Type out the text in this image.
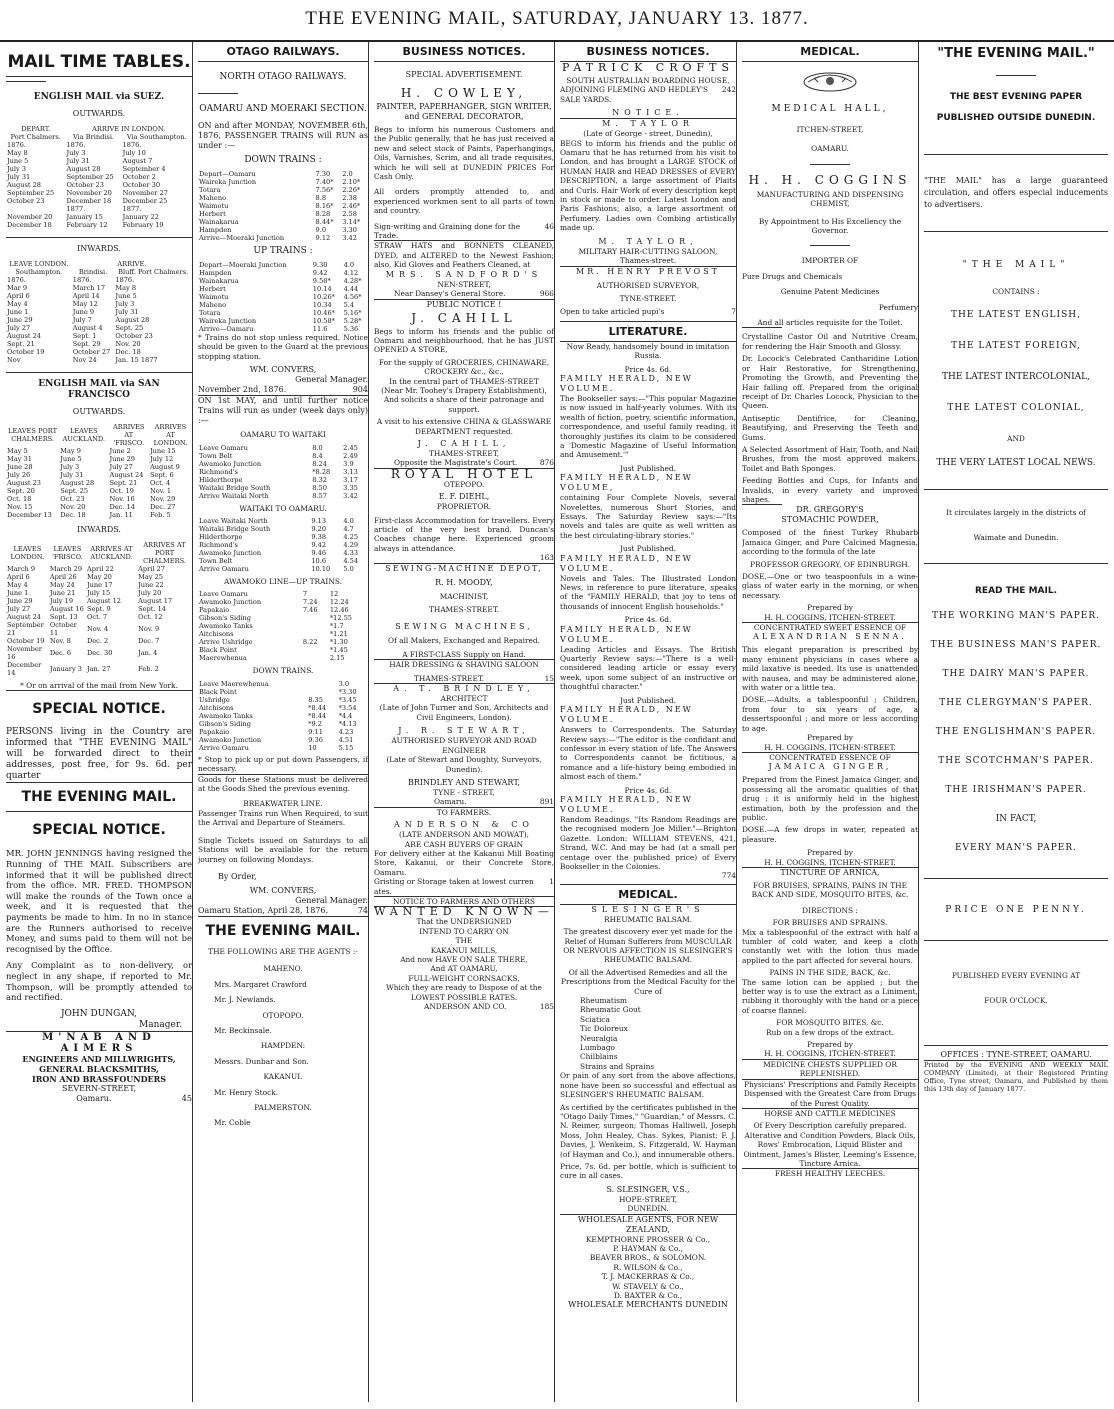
THE EVENING MAIL, SATURDAY, JANUARY 13. 1877.
MAIL TIME TABLES.
ENGLISH MAIL via SUEZ.
OUTWARDS.
DEPART.	ARRIVE IN LONDON.	
Port Chalmers.	Via Brindisi.	Via Southampton.
1876.	1876.	1876.
May 8	July 3	July 10
June 5	July 31	August 7
July 3	August 28	September 4
July 31	September 25	October 2
August 28	October 23	October 30
September 25	November 20	November 27
October 23	December 18	December 25
	1877.	1877.
November 20	January 15	January 22
December 18	February 12	February 19
INWARDS.
LEAVE LONDON.	ARRIVE.	
Southampton.	Brindisi.	Bluff. Port Chalmers.
1876.	1876.	1876.
Mar 9	March 17	May 8
April 6	April 14	June 5
May 4	May 12	July 3
June 1	June 9	July 31
June 29	July 7	August 28
July 27	August 4	Sept. 25
August 24	Sept. 1	October 23
Sept. 21	Sept. 29	Nov. 20
October 19	October 27	Dec. 18
Nov	Nov 24	Jan. 15 1877
ENGLISH MAIL via SAN FRANCISCO
OUTWARDS.
LEAVES PORT CHALMERS.	LEAVES AUCKLAND.	ARRIVES AT 'FRISCO.	ARRIVES AT LONDON.
May 5	May 9	June 2	June 15
May 31	June 5	June 29	July 12
June 28	July 3	July 27	August 9
July 26	July 31	August 24	Sept. 6
August 23	August 28	Sept. 21	Oct. 4
Sept. 20	Sept. 25	Oct. 19	Nov. 1
Oct. 18	Oct. 23	Nov. 16	Nov. 29
Nov. 15	Nov. 20	Dec. 14	Dec. 27
December 13	Dec. 18	Jan. 11	Feb. 5
INWARDS.
LEAVES LONDON.	LEAVES 'FRISCO.	ARRIVES AT AUCKLAND.	ARRIVES AT PORT CHALMERS.
March 9	March 29	April 22	April 27
April 6	April 26	May 20	May 25
May 4	May 24	June 17	June 22
June 1	June 21	July 15	July 20
June 29	July 19	August 12	August 17
July 27	August 16	Sept. 9	Sept. 14
August 24	Sept. 13	Oct. 7	Oct. 12
September 21	October 11	Nov. 4	Nov. 9
October 19	Nov. 8	Dec. 2	Dec. 7
November 16	Dec. 6	Dec. 30	Jan. 4
December 14	January 3	Jan. 27	Feb. 2
* Or on arrival of the mail from New York.
SPECIAL NOTICE.
PERSONS living in the Country are informed that "THE EVENING MAIL" will be forwarded direct to their addresses, post free, for 9s. 6d. per quarter
THE EVENING MAIL.
SPECIAL NOTICE.
MR. JOHN JENNINGS having resigned the Running of THE MAIL Subscribers are informed that it will be published direct from the office. MR. FRED. THOMPSON will make the rounds of the Town once a week, and it is requested that the payments be made to him. In no in stance are the Runners authorised to receive Money, and sums paid to them will not be recognised by the Office.
Any Complaint as to non-delivery, or neglect in any shape, if reported to Mr. Thompson, will be promptly attended to and rectified.
JOHN DUNGAN,
Manager.
M'NAB AND AIMERS
ENGINEERS AND MILLWRIGHTS,
GENERAL BLACKSMITHS,
IRON AND BRASSFOUNDERS
SEVERN-STREET,
Oamaru.	45
OTAGO RAILWAYS.
NORTH OTAGO RAILWAYS.
OAMARU AND MOERAKI SECTION.
ON and after MONDAY, NOVEMBER 6th, 1876, PASSENGER TRAINS will RUN as under :—
DOWN TRAINS :
Depart—Oamaru	7.30	2.0
Waireka Junction	7.40*	2.10*
Totara	7.56*	2.26*
Maheno	8.8	2.38
Waimotu	8.16*	2.46*
Herbert	8.28	2.58
Wainakarua	8.44*	3.14*
Hampden	9.0	3.30
Arrive—Moeraki Junction	9.12	3.42
UP TRAINS :
Depart—Moeraki Junction	9.30	4.0
Hampden	9.42	4.12
Wainakarua	9.58*	4.28*
Herbert	10.14	4.44
Waimotu	10.26*	4.56*
Maheno	10.34	5.4
Totara	10.46*	5.16*
Waireka Junction	10.58*	5.28*
Arrive—Oamaru	11.6	5.36
* Trains do not stop unless required. Notice should be given to the Guard at the previous stopping station.
WM. CONVERS,
General Manager.
November 2nd, 1876.	904
ON 1st MAY, and until further notice Trains will run as under (week days only) :—
OAMARU TO WAITAKI
Leave Oamaru	8.0	2.45
Town Belt	8.4	2.49
Awamoko Junction	8.24	3.9
Richmond's	*8.28	3.13
Hilderthorpe	8.32	3.17
Waitaki Bridge South	8.50	3.35
Arrive Waitaki North	8.57	3.42
WAITAKI TO OAMARU.
Leave Waitaki North	9.13	4.0
Waitaki Bridge South	9.20	4.7
Hilderthorpe	9.38	4.25
Richmond's	9.42	4.29
Awamoko Junction	9.46	4.33
Town Belt	10.6	4.54
Arrive Oamaru	10.10	5.0
AWAMOKO LINE—UP TRAINS.
Leave Oamaru	7	12
Awamoko Junction	7.24	12.24
Papakaio	7.46	12.46
Gibson's Siding		*12.55
Awamoko Tanks		*1.7
Aitchisons		*1.21
Arrive Ushridge	8.22	*1.30
Black Point		*1.45
Maerewhenua		2.15
DOWN TRAINS.
Leave Maerewhenua		3.0
Black Point		*3.30
Ushridge	8.35	*3.45
Aitchisons	*8.44	*3.54
Awamoko Tanks	*8.44	*4.4
Gibson's Siding	*9.2	*4.13
Papakaio	9.11	4.23
Awamoko Junction	9.36	4.51
Arrive Oamaru	10	5.15
* Stop to pick up or put down Passengers, if necessary.
Goods for these Stations must be delivered at the Goods Shed the previous evening.
BREAKWATER LINE.
Passenger Trains run When Required, to suit the Arrival and Departure of Steamers.
Single Tickets issued on Saturdays to all Stations will be available for the return journey on following Mondays.
By Order,
WM. CONVERS,
General Manager.
Oamaru Station, April 28, 1876.	74
THE EVENING MAIL.
THE FOLLOWING ARE THE AGENTS :-
MAHENO.
Mrs. Margaret Crawford
Mr. J. Newlands.
OTOPOPO.
Mr. Beckinsale.
HAMPDEN:
Messrs. Dunbar and Son.
KAKANUI.
Mr. Henry Stock.
PALMERSTON.
Mr. Coble
BUSINESS NOTICES.
SPECIAL ADVERTISEMENT.
H. COWLEY,
PAINTER, PAPERHANGER, SIGN WRITER, and GENERAL DECORATOR,
Begs to inform his numerous Customers and the Public generally, that he has just received a new and select stock of Paints, Paperhangings, Oils, Varnishes, Scrim, and all trade requisites, which he will sell at DUNEDIN PRICES For Cash Only.
All orders promptly attended to, and experienced workmen sent to all parts of town and country.
Sign-writing and Graining done for the Trade.
46
STRAW HATS and BONNETS CLEANED, DYED, and ALTERED to the Newest Fashion; also, Kid Gloves and Feathers Cleaned, at
MRS. SANDFORD'S
NEN-STREET,
Near Dansey's General Store.	966
PUBLIC NOTICE !
J. CAHILL
Begs to inform his friends and the public of Oamaru and neighbourhood, that he has JUST OPENED A STORE,
For the supply of GROCERIES, CHINAWARE, CROCKERY &c., &c.,
In the central part of THAMES-STREET
(Near Mr. Toohey's Drapery Establishment), And solicits a share of their patronage and support.
A visit to his extensive CHINA & GLASSWARE DEPARTMENT requested.
J. CAHILL,
THAMES-STREET,
Opposite the Magistrate's Court.	876
ROYAL HOTEL
OTEPOPO.
E. F. DIEHL,
PROPRIETOR.
First-class Accommodation for travellers. Every article of the very best brand. Duncan's Coaches change here. Experienced groom always in attendance.
163
SEWING-MACHINE DEPOT,
R. H. MOODY,
MACHINIST,
THAMES-STREET.
SEWING MACHINES,
Of all Makers, Exchanged and Repaired.
A FIRST-CLASS Supply on Hand.
HAIR DRESSING & SHAVING SALOON
THAMES-STREET.	15
A. T. BRINDLEY,
ARCHITECT
(Late of John Turner and Son, Architects and Civil Engineers, London).
J. R. STEWART,
AUTHORISED SURVEYOR AND ROAD ENGINEER
(Late of Stewart and Doughty, Surveyors, Dunedin).
BRINDLEY AND STEWART,
TYNE - STREET,
Oamaru.	891
TO FARMERS.
ANDERSON & CO
(LATE ANDERSON AND MOWAT),
ARE CASH BUYERS OF GRAIN
For delivery either at the Kakanui Mill Boating Store, Kakanui, or their Concrete Store, Oamaru.
Gristing or Storage taken at lowest curren ates.
1
NOTICE TO FARMERS AND OTHERS
WANTED KNOWN—
That the UNDERSIGNED
INTEND TO CARRY ON
THE
KAKANUI MILLS,
And now HAVE ON SALE THERE,
And AT OAMARU,
FULL-WEIGHT CORNSACKS,
Which they are ready to Dispose of at the
LOWEST POSSIBLE RATES.
ANDERSON AND CO.	185
BUSINESS NOTICES.
PATRICK CROFTS
SOUTH AUSTRALIAN BOARDING HOUSE,
ADJOINING FLEMING AND HEDLEY'S SALE YARDS.
242
NOTICE.
M. TAYLOR
(Late of George - street, Dunedin),
BEGS to inform his friends and the public of Oamaru that he has returned from his visit to London, and has brought a LARGE STOCK of HUMAN HAIR and HEAD DRESSES of EVERY DESCRIPTION, a large assortment of Plaits and Curls. Hair Work of every description kept in stock or made to order. Latest London and Paris Fashions; also, a large assortment of Perfumery. Ladies own Combing artistically made up.
M. TAYLOR,
MILITARY HAIR-CUTTING SALOON,
Thames-street.
MR. HENRY PREVOST
AUTHORISED SURVEYOR,
TYNE-STREET.
Open to take articled pupi's	7
LITERATURE.
Now Ready, handsomely bound in imitation Russia.
Price 4s. 6d.
FAMILY HERALD, NEW VOLUME.
The Bookseller says:—"This popular Magazine is now issued in half-yearly volumes. With its wealth of fiction, poetry, scientific information, correspondence, and useful family reading, it thoroughly justifies its claim to be considered a 'Domestic Magazine of Useful Information and Amusement.'"
Just Published.
FAMILY HERALD, NEW VOLUME,
containing Four Complete Novels, several Novelettes, numerous Short Stories, and Essays. The Saturday Review says:—"Its novels and tales are quite as well written as the best circulating-library stories."
Just Published.
FAMILY HERALD, NEW VOLUME.
Novels and Tales. The Illustrated London News, in reference to pure literature, speaks of the "FAMILY HERALD, that joy to tens of thousands of innocent English households."
Price 4s. 6d.
FAMILY HERALD, NEW VOLUME.
Leading Articles and Essays. The British Quarterly Review says:—"There is a well-considered leading article or essay every week, upon some subject of an instructive or thoughtful character."
Just Published.
FAMILY HERALD, NEW VOLUME.
Answers to Correspondents. The Saturday Review says:—"The editor is the confidant and confessor in every station of life. The Answers to Correspondents cannot be fictitious, a romance and a life-history being embodied in almost each of them."
Price 4s. 6d.
FAMILY HERALD, NEW VOLUME.
Random Readings. "Its Random Readings are the recognised modern Joe Miller."—Brighton Gazette. London: WILLIAM STEVENS, 421, Strand, W.C. And may be had (at a small per centage over the published price) of Every Bookseller in the Colonies.
774
MEDICAL.
SLESINGER'S
RHEUMATIC BALSAM.
The greatest discovery ever yet made for the Relief of Human Sufferers from MUSCULAR OR NERVOUS AFFECTION IS SLESINGER'S RHEUMATIC BALSAM.
Of all the Advertised Remedies and all the Prescriptions from the Medical Faculty for the Cure of
Rheumatism
Rheumatic Gout
Sciatica
Tic Doloreux
Neuralgia
Lumbago
Chilblains
Strains and Sprains
Or pain of any sort from the above affections, none have been so successful and effectual as SLESINGER'S RHEUMATIC BALSAM.
As certified by the certificates published in the "Otago Daily Times," "Guardian," of Messrs. C. N. Reimer, surgeon; Thomas Halliwell, Joseph Moss, John Healey, Chas. Sykes, Pianist; F. J. Davies, J. Wenkeim, S. Fitzgerald, W. Hayman (of Hayman and Co.), and innumerable others.
Price, 7s. 6d. per bottle, which is sufficient to cure in all cases.
S. SLESINGER, V.S.,
HOPE-STREET,
DUNEDIN.
WHOLESALE AGENTS, FOR NEW ZEALAND,
KEMPTHORNE PROSSER & Co.,
P. HAYMAN & Co.,
BEAVER BROS., & SOLOMON.
R. WILSON & Co.,
T. J. MACKERRAS & Co.,
W. STAVELY & Co.,
D. BAXTER & Co.,
WHOLESALE MERCHANTS DUNEDIN
MEDICAL.
MEDICAL HALL,
ITCHEN-STREET,
OAMARU.
H. H. COGGINS
MANUFACTURING AND DISPENSING CHEMIST,
By Appointment to His Excellency the Governor.
IMPORTER OF
Pure Drugs and Chemicals
Genuine Patent Medicines
Perfumery
And all articles requisite for the Toilet.
Crystalline Castor Oil and Nutritive Cream, for rendering the Hair Smooth and Glossy.
Dr. Locock's Celebrated Cantharidine Lotion or Hair Restorative, for Strengthening, Promoting the Growth, and Preventing the Hair falling off. Prepared from the original receipt of Dr. Charles Locock, Physician to the Queen.
Antiseptic Dentifrice, for Cleaning, Beautifying, and Preserving the Teeth and Gums.
A Selected Assortment of Hair, Tooth, and Nail Brushes, from the most approved makers. Toilet and Bath Sponges.
Feeding Bottles and Cups, for Infants and Invalids, in every variety and improved shapes.
DR. GREGORY'S
STOMACHIC POWDER,
Composed of the finest Turkey Rhubarb Jamaica Ginger, and Pure Calcined Magnesia, according to the formula of the late
PROFESSOR GREGORY, OF EDINBURGH.
DOSE.—One or two teaspoonfuls in a wine-glass of water early in the morning, or when necessary.
Prepared by
H. H. COGGINS, ITCHEN-STREET.
CONCENTRATED SWEET ESSENCE OF
ALEXANDRIAN SENNA.
This elegant preparation is prescribed by many eminent physicians in cases where a mild laxative is needed. Its use is unattended with nausea, and may be administered alone, with water or a little tea.
DOSE.—Adults, a tablespoonful ; Children, from four to six years of age, a dessertspoonful ; and more or less according to age.
Prepared by
H. H. COGGINS, ITCHEN-STREET.
CONCENTRATED ESSENCE OF
JAMAICA GINGER,
Prepared from the Finest Jamaica Ginger, and possessing all the aromatic qualities of that drug ; it is uniformly held in the highest estimation, both by the profession and the public.
DOSE.—A few drops in water, repeated at pleasure.
Prepared by
H. H. COGGINS, ITCHEN-STREET.
TINCTURE OF ARNICA,
FOR BRUISES, SPRAINS, PAINS IN THE BACK AND SIDE, MOSQUITO BITES, &c.
DIRECTIONS :
FOR BRUISES AND SPRAINS.
Mix a tablespoonful of the extract with half a tumbler of cold water, and keep a cloth constantly wet with the lotion thus made applied to the part affected for several hours.
PAINS IN THE SIDE, BACK, &c.
The same lotion can be applied ; but the better way is to use the extract as a Liniment, rubbing it thoroughly with the hand or a piece of coarse flannel.
FOR MOSQUITO BITES, &c.
Rub on a few drops of the extract.
Prepared by
H. H. COGGINS, ITCHEN-STREET.
MEDICINE CHESTS SUPPLIED OR REPLENISHED.
Physicians' Prescriptions and Family Receipts Dispensed with the Greatest Care from Drugs of the Purest Quality.
HORSE AND CATTLE MEDICINES
Of Every Description carefully prepared. Alterative and Condition Powders, Black Oils, Rows' Embrocation, Liquid Blister and Ointment, James's Blister, Leeming's Essence, Tincture Arnica.
FRESH HEALTHY LEECHES.
"THE EVENING MAIL."
THE BEST EVENING PAPER
PUBLISHED OUTSIDE DUNEDIN.
"THE MAIL" has a large guaranteed circulation, and offers especial inducements to advertisers.
"THE MAIL"
CONTAINS :
THE LATEST ENGLISH,
THE LATEST FOREIGN,
THE LATEST INTERCOLONIAL,
THE LATEST COLONIAL,
AND
THE VERY LATEST LOCAL NEWS.
It circulates largely in the districts of
Waimate and Dunedin.
READ THE MAIL.
THE WORKING MAN'S PAPER.
THE BUSINESS MAN'S PAPER.
THE DAIRY MAN'S PAPER.
THE CLERGYMAN'S PAPER.
THE ENGLISHMAN'S PAPER.
THE SCOTCHMAN'S PAPER.
THE IRISHMAN'S PAPER.
IN FACT,
EVERY MAN'S PAPER.
PRICE ONE PENNY.
PUBLISHED EVERY EVENING AT
FOUR O'CLOCK.
OFFICES : TYNE-STREET, OAMARU.
Printed by the EVENING AND WEEKLY MAIL COMPANY (Limited), at their Registered Printing Office, Tyne street, Oamaru, and Published by them this 13th day of January 1877.
